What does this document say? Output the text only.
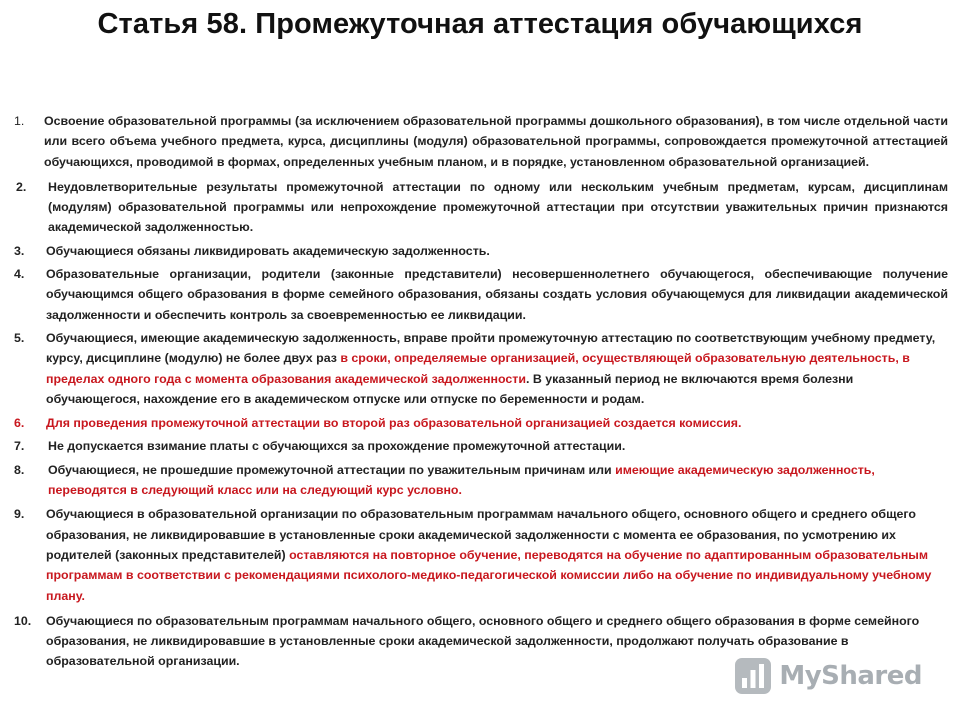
Статья 58. Промежуточная аттестация обучающихся
1.	Освоение образовательной программы (за исключением образовательной программы дошкольного образования), в том числе отдельной части или всего объема учебного предмета, курса, дисциплины (модуля) образовательной программы, сопровождается промежуточной аттестацией обучающихся, проводимой в формах, определенных учебным планом, и в порядке, установленном образовательной организацией.
2.	Неудовлетворительные результаты промежуточной аттестации по одному или нескольким учебным предметам, курсам, дисциплинам (модулям) образовательной программы или непрохождение промежуточной аттестации при отсутствии уважительных причин признаются академической задолженностью.
3.	Обучающиеся обязаны ликвидировать академическую задолженность.
4.	Образовательные организации, родители (законные представители) несовершеннолетнего обучающегося, обеспечивающие получение обучающимся общего образования в форме семейного образования, обязаны создать условия обучающемуся для ликвидации академической задолженности и обеспечить контроль за своевременностью ее ликвидации.
5.	Обучающиеся, имеющие академическую задолженность, вправе пройти промежуточную аттестацию по соответствующим учебному предмету, курсу, дисциплине (модулю) не более двух раз в сроки, определяемые организацией, осуществляющей образовательную деятельность, в пределах одного года с момента образования академической задолженности. В указанный период не включаются время болезни обучающегося, нахождение его в академическом отпуске или отпуске по беременности и родам.
6.	Для проведения промежуточной аттестации во второй раз образовательной организацией создается комиссия.
7.	Не допускается взимание платы с обучающихся за прохождение промежуточной аттестации.
8.	Обучающиеся, не прошедшие промежуточной аттестации по уважительным причинам или имеющие академическую задолженность, переводятся в следующий класс или на следующий курс условно.
9.	Обучающиеся в образовательной организации по образовательным программам начального общего, основного общего и среднего общего образования, не ликвидировавшие в установленные сроки академической задолженности с момента ее образования, по усмотрению их родителей (законных представителей) оставляются на повторное обучение, переводятся на обучение по адаптированным образовательным программам в соответствии с рекомендациями психолого-медико-педагогической комиссии либо на обучение по индивидуальному учебному плану.
10.	Обучающиеся по образовательным программам начального общего, основного общего и среднего общего образования в форме семейного образования, не ликвидировавшие в установленные сроки академической задолженности, продолжают получать образование в образовательной организации.	MyShared
